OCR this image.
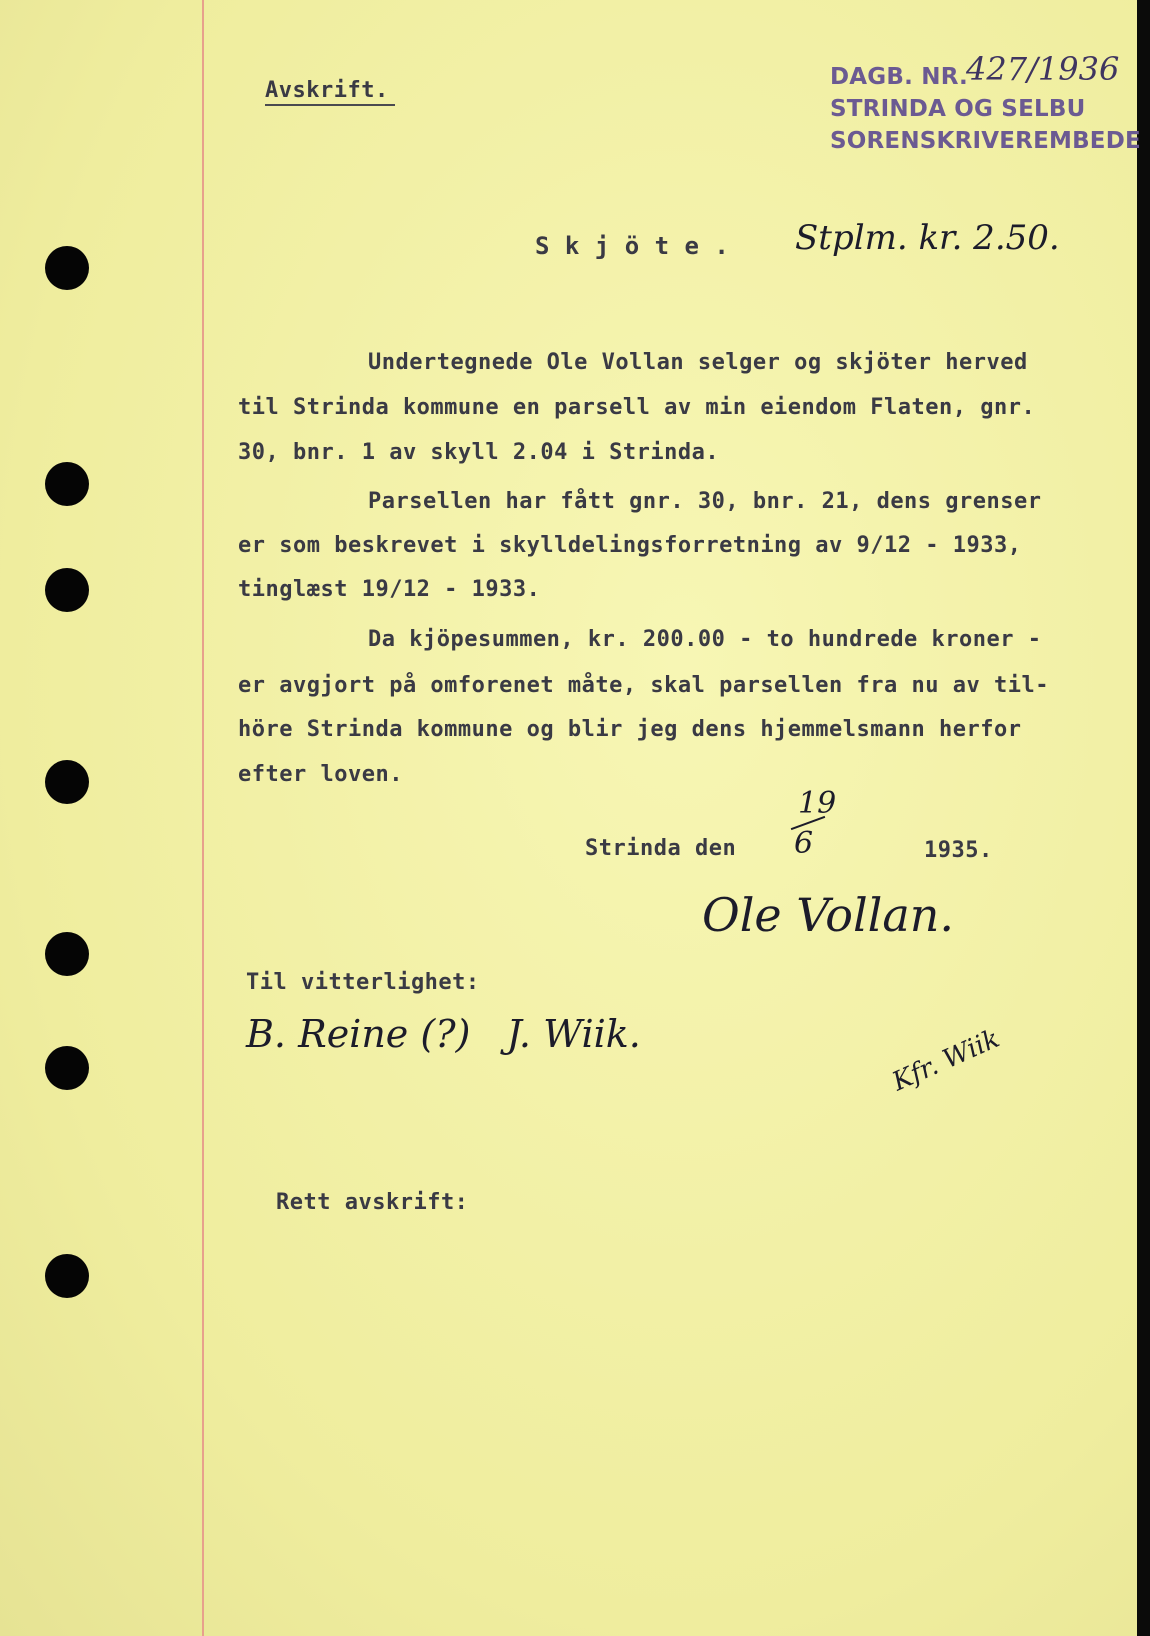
Avskrift.
DAGB. NR.
427/1936
STRINDA OG SELBU
SORENSKRIVEREMBEDE
S k j ö t e . Stplm. kr. 2.50.
Undertegnede Ole Vollan selger og skjöter herved
til Strinda kommune en parsell av min eiendom Flaten, gnr.
30, bnr. 1 av skyll 2.04 i Strinda.
Parsellen har fått gnr. 30, bnr. 21, dens grenser
er som beskrevet i skylldelingsforretning av 9/12 - 1933,
tinglæst 19/12 - 1933.
Da kjöpesummen, kr. 200.00 - to hundrede kroner -
er avgjort på omforenet måte, skal parsellen fra nu av til-
höre Strinda kommune og blir jeg dens hjemmelsmann herfor
efter loven.
Strinda den
19
6	1935.
Ole Vollan.
Til vitterlighet:
B. Reine (?)   J. Wiik.	Kfr. Wiik
Rett avskrift:
